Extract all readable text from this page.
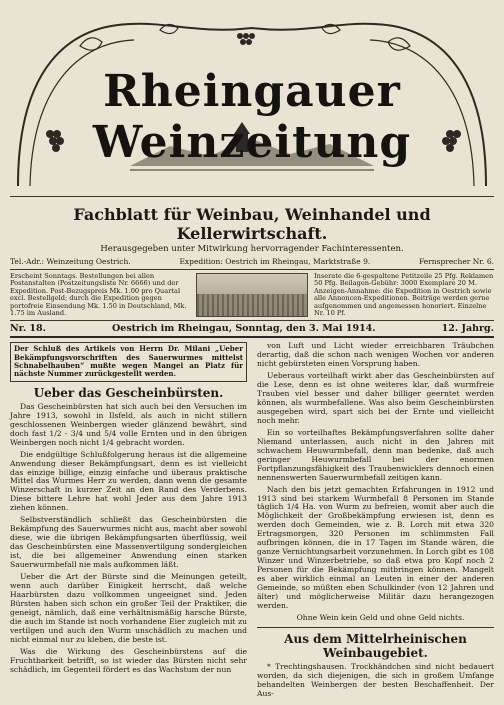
Rheingauer Weinzeitung
Fachblatt für Weinbau, Weinhandel und Kellerwirtschaft.
Herausgegeben unter Mitwirkung hervorragender Fachinteressenten.
Tel.-Adr.: Weinzeitung Oestrich.	Expedition: Oestrich im Rheingau, Marktstraße 9.	Fernsprecher Nr. 6.
Erscheint Sonntags. Bestellungen bei allen Postanstalten (Postzeitungsliste Nr. 6666) und der Expedition. Post-Bezugspreis Mk. 1.00 pro Quartal excl. Bestellgeld; durch die Expedition gegen portofreie Einsendung Mk. 1.50 in Deutschland, Mk. 1.75 im Ausland.
Inserate die 6-gespaltene Petitzeile 25 Pfg. Reklamen 50 Pfg. Beilagen-Gebühr: 3000 Exemplare 20 M. Anzeigen-Annahme: die Expedition in Oestrich sowie alle Annoncen-Expeditionen. Beiträge werden gerne aufgenommen und angemessen honoriert. Einzelne Nr. 10 Pf.
Nr. 18.	Oestrich im Rheingau, Sonntag, den 3. Mai 1914.	12. Jahrg.
Der Schluß des Artikels von Herrn Dr. Milani „Ueber Bekämpfungsvorschriften des Sauerwurmes mittelst Schnabelhauben“ mußte wegen Mangel an Platz für nächste Nummer zurückgestellt werden.
Ueber das Gescheinbürsten.

Das Gescheinbürsten hat sich auch bei den Versuchen im Jahre 1913, sowohl in Ilsfeld, als auch in nicht stillern geschlossenen Weinbergen wieder glänzend bewährt, sind doch fast 1/2 - 3/4 und 5/4 volle Ernten und in den übrigen Weinbergen noch nicht 1/4 gebracht worden.

Die endgültige Schlußfolgerung heraus ist die allgemeine Anwendung dieser Bekämpfungsart, denn es ist vielleicht das einzige billige, einzig einfache und überaus praktische Mittel das Wurmes Herr zu werden, dann wenn die gesamte Winzerschaft in kurzer Zeit an den Rand des Verderbens. Diese bittere Lehre hat wohl Jeder aus dem Jahre 1913 ziehen können.

Selbstverständlich schließt das Gescheinbürsten die Bekämpfung des Sauerwurmes nicht aus, macht aber sowohl diese, wie die übrigen Bekämpfungsarten überflüssig, weil das Gescheinbürsten eine Massenvertilgung sondergleichen ist, die bei allgemeiner Anwendung einen starken Sauerwurmbefall nie mals aufkommen läßt.

Ueber die Art der Bürste sind die Meinungen geteilt, wenn auch darüber Einigkeit herrscht, daß welche Haarbürsten dazu vollkommen ungeeignet sind. Jeden Bürsten haben sich schon ein großer Teil der Praktiker, die geneigt, nämlich, daß eine verhältnismäßig harsche Bürste, die auch im Stande ist noch vorhandene Eier zugleich mit zu vertilgen und auch den Wurm unschädlich zu machen und nicht einmal nur zu kleben, die beste ist.

Was die Wirkung des Gescheinbürstens auf die Fruchtbarkeit betrifft, so ist wieder das Bürsten nicht sehr schädlich, im Gegenteil fördert es das Wachstum der nun

von Luft und Licht wieder erreichbaren Träubchen derartig, daß die schon nach wenigen Wochen vor anderen nicht gebürsteten einen Vorsprung haben.

Ueberaus vorteilhaft wirkt aber das Gescheinbürsten auf die Lese, denn es ist ohne weiteres klar, daß wurmfreie Trauben viel besser und daher billiger geerntet werden können, als wurmbefallene. Was also beim Gescheinbürsten ausgegeben wird, spart sich bei der Ernte und vielleicht noch mehr.

Ein so vorteilhaftes Bekämpfungsverfahren sollte daher Niemand unterlassen, auch nicht in den Jahren mit schwachem Heuwurmbefall, denn man bedenke, daß auch geringer Heuwurmbefall bei der enormen Fortpflanzungsfähigkeit des Traubenwicklers dennoch einen nennenswerten Sauerwurmbefall zeitigen kann.

Nach den bis jetzt gemachten Erfahrungen in 1912 und 1913 sind bei starkem Wurmbefall 8 Personen im Stande täglich 1/4 Ha. von Wurm zu befreien, womit aber auch die Möglichkeit der Großbekämpfung erwiesen ist, denn es werden doch Gemeinden, wie z. B. Lorch mit etwa 320 Ertragsmorgen, 320 Personen im schlimmsten Fall aufbringen können, die in 17 Tagen im Stande wären, die ganze Vernichtungsarbeit vorzunehmen. In Lorch gibt es 108 Winzer und Winzerbetriebe, so daß etwa pro Kopf noch 2 Personen für die Bekämpfung mitbringen können. Mangelt es aber wirklich einmal an Leuten in einer der anderen Gemeinde, so müßten eben Schulkinder (von 12 Jahren und älter) und möglicherweise Militär dazu herangezogen werden.

Ohne Wein kein Geld und ohne Geld nichts.

Aus dem Mittelrheinischen Weinbaugebiet.

* Trechtingshausen. Trockhändchen sind nicht bedauert worden, da sich diejenigen, die sich in großem Umfange behandelten Weinbergen der besten Beschaffenheit. Der Aus-
